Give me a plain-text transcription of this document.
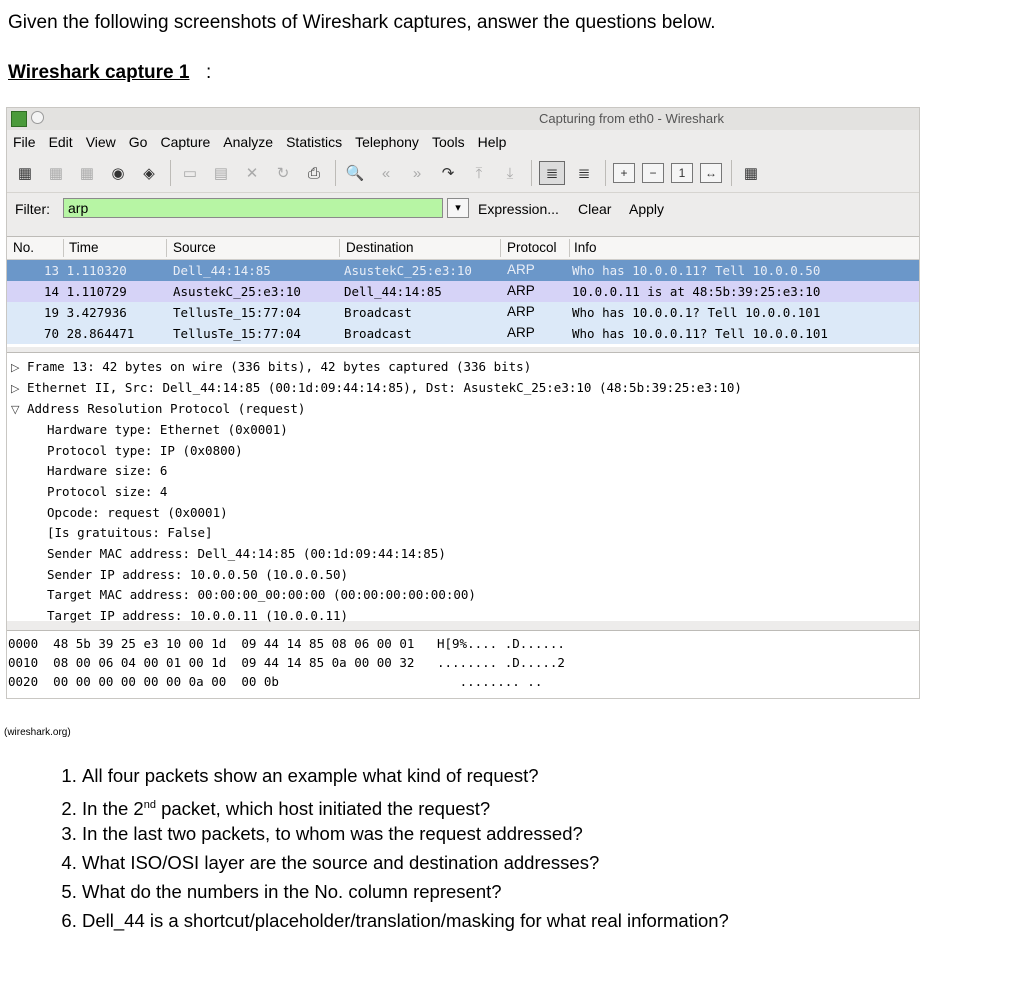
Given the following screenshots of Wireshark captures, answer the questions below.
Wireshark capture 1 :
Capturing from eth0 - Wireshark
File Edit View Go Capture Analyze Statistics Telephony Tools Help
▦	▦	▦	◉	◈	▭	▤	✕	↻	⎙	🔍	«	»	↷	⤒	⤓	≣	≣	+	−	1	↔	▦
Filter:	arp	▾	Expression... Clear Apply
No.	Time	Source	Destination	Protocol Info
13 1.110320	Dell_44:14:85	AsustekC_25:e3:10	ARP	Who has 10.0.0.11? Tell 10.0.0.50
14 1.110729	AsustekC_25:e3:10	Dell_44:14:85	ARP	10.0.0.11 is at 48:5b:39:25:e3:10
19 3.427936	TellusTe_15:77:04	Broadcast	ARP	Who has 10.0.0.1? Tell 10.0.0.101
70 28.864471	TellusTe_15:77:04	Broadcast	ARP	Who has 10.0.0.11? Tell 10.0.0.101
▷ Frame 13: 42 bytes on wire (336 bits), 42 bytes captured (336 bits)
▷ Ethernet II, Src: Dell_44:14:85 (00:1d:09:44:14:85), Dst: AsustekC_25:e3:10 (48:5b:39:25:e3:10)
▽ Address Resolution Protocol (request)
Hardware type: Ethernet (0x0001)
Protocol type: IP (0x0800)
Hardware size: 6
Protocol size: 4
Opcode: request (0x0001)
[Is gratuitous: False]
Sender MAC address: Dell_44:14:85 (00:1d:09:44:14:85)
Sender IP address: 10.0.0.50 (10.0.0.50)
Target MAC address: 00:00:00_00:00:00 (00:00:00:00:00:00)
Target IP address: 10.0.0.11 (10.0.0.11)
0000 48 5b 39 25 e3 10 00 1d  09 44 14 85 08 06 00 01 H[9%.... .D......
0010 08 00 06 04 00 01 00 1d  09 44 14 85 0a 00 00 32 ........ .D.....2
0020 00 00 00 00 00 00 0a 00  00 0b	........ ..
(wireshark.org)
1. All four packets show an example what kind of request?
2. In the 2nd packet, which host initiated the request?
3. In the last two packets, to whom was the request addressed?
4. What ISO/OSI layer are the source and destination addresses?
5. What do the numbers in the No. column represent?
6. Dell_44 is a shortcut/placeholder/translation/masking for what real information?
